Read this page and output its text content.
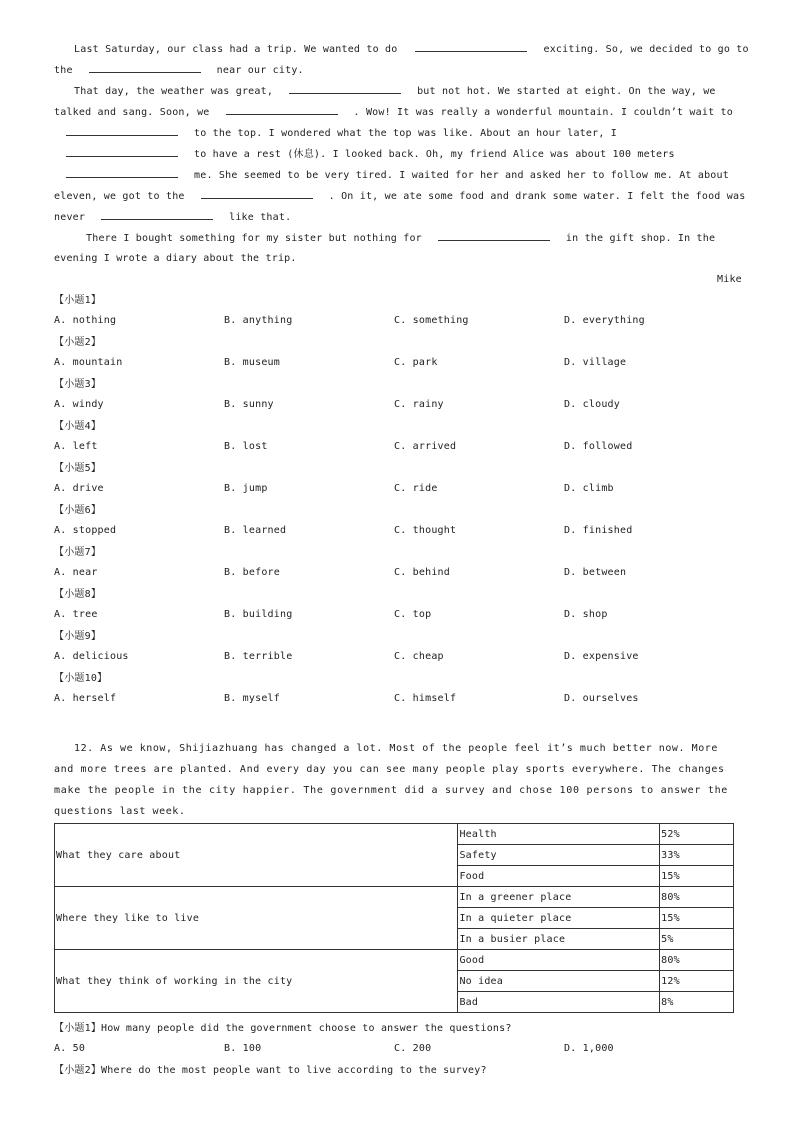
Last Saturday, our class had a trip. We wanted to do	exciting. So, we decided to go to
the	near our city.
That day, the weather was great,	but not hot. We started at eight. On the way, we
talked and sang. Soon, we	. Wow! It was really a wonderful mountain. I couldn’t wait to
to the top. I wondered what the top was like. About an hour later, I
to have a rest (休息). I looked back. Oh, my friend Alice was about 100 meters
me. She seemed to be very tired. I waited for her and asked her to follow me. At about
eleven, we got to the	. On it, we ate some food and drank some water. I felt the food was
never	like that.
There I bought something for my sister but nothing for	in the gift shop. In the
evening I wrote a diary about the trip.
Mike
【小题1】
A. nothing	B. anything	C. something	D. everything
【小题2】
A. mountain	B. museum	C. park	D. village
【小题3】
A. windy	B. sunny	C. rainy	D. cloudy
【小题4】
A. left	B. lost	C. arrived	D. followed
【小题5】
A. drive	B. jump	C. ride	D. climb
【小题6】
A. stopped	B. learned	C. thought	D. finished
【小题7】
A. near	B. before	C. behind	D. between
【小题8】
A. tree	B. building	C. top	D. shop
【小题9】
A. delicious	B. terrible	C. cheap	D. expensive
【小题10】
A. herself	B. myself	C. himself	D. ourselves
12. As we know, Shijiazhuang has changed a lot. Most of the people feel it’s much better now. More
and more trees are planted. And every day you can see many people play sports everywhere. The changes
make the people in the city happier. The government did a survey and chose 100 persons to answer the
questions last week.
What they care about	Health	52%
	Safety	33%
	Food	15%
Where they like to live	In a greener place	80%
	In a quieter place	15%
	In a busier place	5%
What they think of working in the city	Good	80%
	No idea	12%
	Bad	8%
【小题1】How many people did the government choose to answer the questions?
A. 50	B. 100	C. 200	D. 1,000
【小题2】Where do the most people want to live according to the survey?
